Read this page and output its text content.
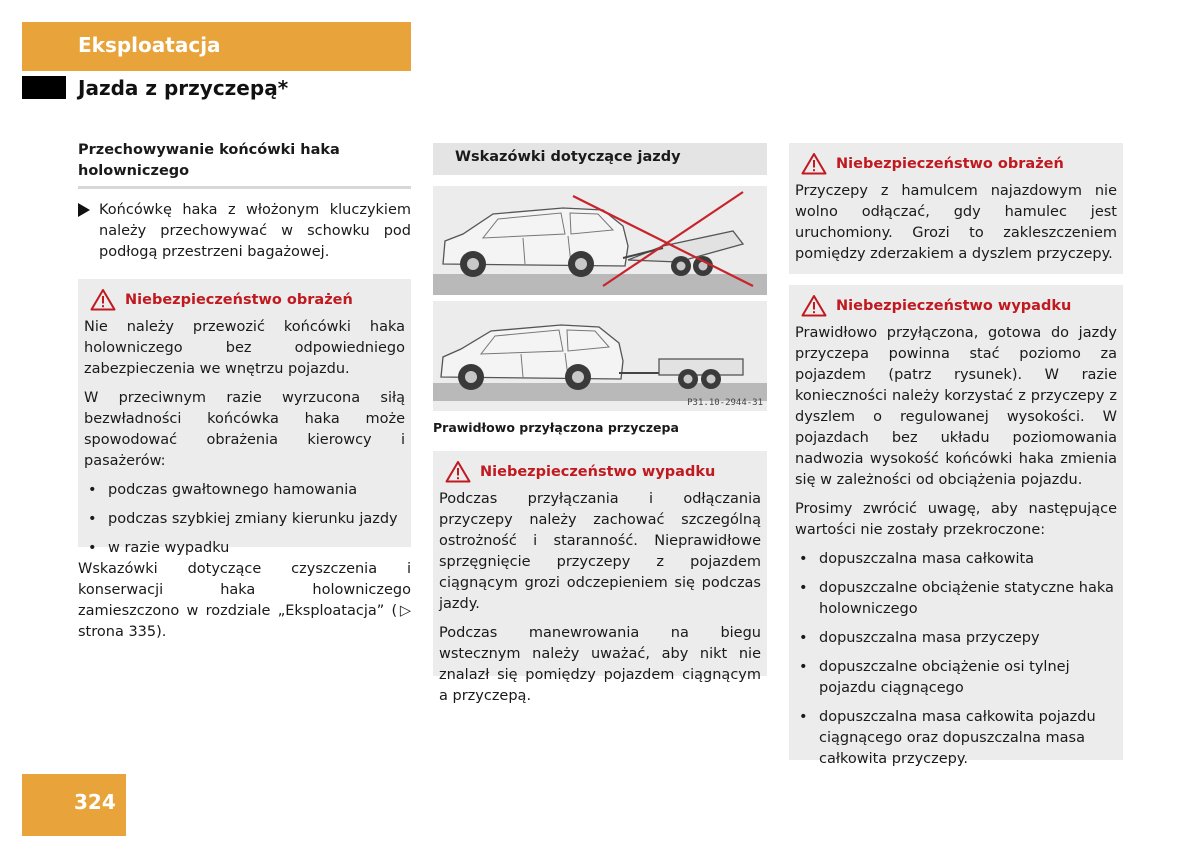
Eksploatacja
Jazda z przyczepą*
Przechowywanie końcówki haka holowniczego
Końcówkę haka z włożonym kluczykiem należy przechowywać w schowku pod podłogą przestrzeni bagażowej.
Niebezpieczeństwo obrażeń

Nie należy przewozić końcówki haka holowniczego bez odpowiedniego zabezpieczenia we wnętrzu pojazdu.

W przeciwnym razie wyrzucona siłą bezwładności końcówka haka może spowodować obrażenia kierowcy i pasażerów:

• podczas gwałtownego hamowania
• podczas szybkiej zmiany kierunku jazdy
• w razie wypadku
Wskazówki dotyczące czyszczenia i konserwacji haka holowniczego zamieszczono w rozdziale „Eksploatacja” (▷ strona 335).
Wskazówki dotyczące jazdy
P31.10-2944-31
Prawidłowo przyłączona przyczepa
Niebezpieczeństwo wypadku

Podczas przyłączania i odłączania przyczepy należy zachować szczególną ostrożność i staranność. Nieprawidłowe sprzęgnięcie przyczepy z pojazdem ciągnącym grozi odczepieniem się podczas jazdy.

Podczas manewrowania na biegu wstecznym należy uważać, aby nikt nie znalazł się pomiędzy pojazdem ciągnącym a przyczepą.

Niebezpieczeństwo obrażeń

Przyczepy z hamulcem najazdowym nie wolno odłączać, gdy hamulec jest uruchomiony. Grozi to zakleszczeniem pomiędzy zderzakiem a dyszlem przyczepy.

Niebezpieczeństwo wypadku

Prawidłowo przyłączona, gotowa do jazdy przyczepa powinna stać poziomo za pojazdem (patrz rysunek). W razie konieczności należy korzystać z przyczepy z dyszlem o regulowanej wysokości. W pojazdach bez układu poziomowania nadwozia wysokość końcówki haka zmienia się w zależności od obciążenia pojazdu.

Prosimy zwrócić uwagę, aby następujące wartości nie zostały przekroczone:

• dopuszczalna masa całkowita
• dopuszczalne obciążenie statyczne haka holowniczego
• dopuszczalna masa przyczepy
• dopuszczalne obciążenie osi tylnej pojazdu ciągnącego
• dopuszczalna masa całkowita pojazdu ciągnącego oraz dopuszczalna masa całkowita przyczepy.
324
